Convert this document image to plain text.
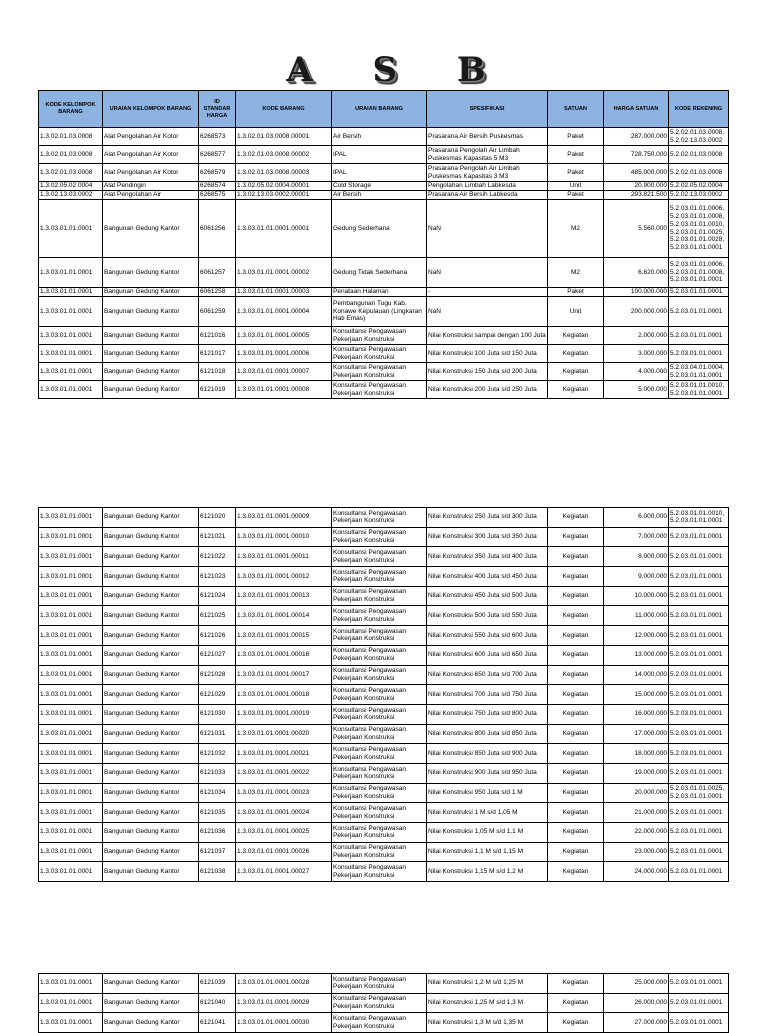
A S B
KODE KELOMPOK BARANG	URAIAN KELOMPOK BARANG	ID STANDAR HARGA	KODE BARANG	URAIAN BARANG	SPESIFIKASI	SATUAN	HARGA SATUAN	KODE REKENING
1.3.02.01.03.0008	Alat Pengolahan Air Kotor	6268573	1.3.02.01.03.0008.00001	Air Bersih	Prasarana Air Bersih Puskesmas	Paket	287.000.000	5.2.02.01.03.0008, 5.2.02.13.03.0002
1.3.02.01.03.0008	Alat Pengolahan Air Kotor	6268577	1.3.02.01.03.0008.00002	IPAL	Prasarana Pengolah Air Limbah Puskesmas Kapasitas 5 M3	Paket	728.750.000	5.2.02.01.03.0008
1.3.02.01.03.0008	Alat Pengolahan Air Kotor	6268579	1.3.02.01.03.0008.00003	IPAL	Prasarana Pengolah Air Limbah Puskesmas Kapasitas 3 M3	Paket	485.000.000	5.2.02.01.03.0008
1.3.02.05.02.0004	Alat Pendingin	6268574	1.3.02.05.02.0004.00001	Cold Storage	Pengolahan Limbah Labkesda	Unit	20.900.000	5.2.02.05.02.0004
1.3.02.13.03.0002	Alat Pengolahan Air	6268575	1.3.02.13.03.0002.00001	Air Bersih	Prasarana Air Bersih Labkesda	Paket	293.821.500	5.2.02.13.03.0002
1.3.03.01.01.0001	Bangunan Gedung Kantor	6061256	1.3.03.01.01.0001.00001	Gedung Sederhana	NaN	M2	5.560.000	5.2.03.01.01.0006, 5.2.03.01.01.0008, 5.2.03.01.01.0010, 5.2.03.01.01.0025, 5.2.03.01.01.0028, 5.2.03.01.01.0001
1.3.03.01.01.0001	Bangunan Gedung Kantor	6061257	1.3.03.01.01.0001.00002	Gedung Tidak Sederhana	NaN	M2	6.620.000	5.2.03.01.01.0006, 5.2.03.01.01.0008, 5.2.03.01.01.0001
1.3.03.01.01.0001	Bangunan Gedung Kantor	6061258	1.3.03.01.01.0001.00003	Penataan Halaman	-	Paket	100.000.000	5.2.03.01.01.0001
1.3.03.01.01.0001	Bangunan Gedung Kantor	6061259	1.3.03.01.01.0001.00004	Pembangunan Tugu Kab. Konawe Kepulauan (Lingkaran Hati Emas)	NaN	Unit	200.000.000	5.2.03.01.01.0001
1.3.03.01.01.0001	Bangunan Gedung Kantor	6121016	1.3.03.01.01.0001.00005	Konsultansi Pengawasan Pekerjaan Konstruksi	Nilai Konstruksi sampai dengan 100 Juta	Kegiatan	2.000.000	5.2.03.01.01.0001
1.3.03.01.01.0001	Bangunan Gedung Kantor	6121017	1.3.03.01.01.0001.00006	Konsultansi Pengawasan Pekerjaan Konstruksi	Nilai Konstruksi 100 Juta s/d 150 Juta	Kegiatan	3.000.000	5.2.03.01.01.0001
1.3.03.01.01.0001	Bangunan Gedung Kantor	6121018	1.3.03.01.01.0001.00007	Konsultansi Pengawasan Pekerjaan Konstruksi	Nilai Konstruksi 150 Juta s/d 200 Juta	Kegiatan	4.000.000	5.2.03.04.01.0004, 5.2.03.01.01.0001
1.3.03.01.01.0001	Bangunan Gedung Kantor	6121019	1.3.03.01.01.0001.00008	Konsultansi Pengawasan Pekerjaan Konstruksi	Nilai Konstruksi 200 Juta s/d 250 Juta	Kegiatan	5.000.000	5.2.03.01.01.0010, 5.2.03.01.01.0001
1.3.03.01.01.0001	Bangunan Gedung Kantor	6121020	1.3.03.01.01.0001.00009	Konsultansi Pengawasan Pekerjaan Konstruksi	Nilai Konstruksi 250 Juta s/d 300 Juta	Kegiatan	6.000.000	5.2.03.01.01.0010, 5.2.03.01.01.0001
1.3.03.01.01.0001	Bangunan Gedung Kantor	6121021	1.3.03.01.01.0001.00010	Konsultansi Pengawasan Pekerjaan Konstruksi	Nilai Konstruksi 300 Juta s/d 350 Juta	Kegiatan	7.000.000	5.2.03.01.01.0001
1.3.03.01.01.0001	Bangunan Gedung Kantor	6121022	1.3.03.01.01.0001.00011	Konsultansi Pengawasan Pekerjaan Konstruksi	Nilai Konstruksi 350 Juta s/d 400 Juta	Kegiatan	8.000.000	5.2.03.01.01.0001
1.3.03.01.01.0001	Bangunan Gedung Kantor	6121023	1.3.03.01.01.0001.00012	Konsultansi Pengawasan Pekerjaan Konstruksi	Nilai Konstruksi 400 Juta s/d 450 Juta	Kegiatan	9.000.000	5.2.03.01.01.0001
1.3.03.01.01.0001	Bangunan Gedung Kantor	6121024	1.3.03.01.01.0001.00013	Konsultansi Pengawasan Pekerjaan Konstruksi	Nilai Konstruksi 450 Juta s/d 500 Juta	Kegiatan	10.000.000	5.2.03.01.01.0001
1.3.03.01.01.0001	Bangunan Gedung Kantor	6121025	1.3.03.01.01.0001.00014	Konsultansi Pengawasan Pekerjaan Konstruksi	Nilai Konstruksi 500 Juta s/d 550 Juta	Kegiatan	11.000.000	5.2.03.01.01.0001
1.3.03.01.01.0001	Bangunan Gedung Kantor	6121026	1.3.03.01.01.0001.00015	Konsultansi Pengawasan Pekerjaan Konstruksi	Nilai Konstruksi 550 Juta s/d 600 Juta	Kegiatan	12.000.000	5.2.03.01.01.0001
1.3.03.01.01.0001	Bangunan Gedung Kantor	6121027	1.3.03.01.01.0001.00016	Konsultansi Pengawasan Pekerjaan Konstruksi	Nilai Konstruksi 600 Juta s/d 650 Juta	Kegiatan	13.000.000	5.2.03.01.01.0001
1.3.03.01.01.0001	Bangunan Gedung Kantor	6121028	1.3.03.01.01.0001.00017	Konsultansi Pengawasan Pekerjaan Konstruksi	Nilai Konstruksi 650 Juta s/d 700 Juta	Kegiatan	14.000.000	5.2.03.01.01.0001
1.3.03.01.01.0001	Bangunan Gedung Kantor	6121029	1.3.03.01.01.0001.00018	Konsultansi Pengawasan Pekerjaan Konstruksi	Nilai Konstruksi 700 Juta s/d 750 Juta	Kegiatan	15.000.000	5.2.03.01.01.0001
1.3.03.01.01.0001	Bangunan Gedung Kantor	6121030	1.3.03.01.01.0001.00019	Konsultansi Pengawasan Pekerjaan Konstruksi	Nilai Konstruksi 750 Juta s/d 800 Juta	Kegiatan	16.000.000	5.2.03.01.01.0001
1.3.03.01.01.0001	Bangunan Gedung Kantor	6121031	1.3.03.01.01.0001.00020	Konsultansi Pengawasan Pekerjaan Konstruksi	Nilai Konstruksi 800 Juta s/d 850 Juta	Kegiatan	17.000.000	5.2.03.01.01.0001
1.3.03.01.01.0001	Bangunan Gedung Kantor	6121032	1.3.03.01.01.0001.00021	Konsultansi Pengawasan Pekerjaan Konstruksi	Nilai Konstruksi 850 Juta s/d 900 Juta	Kegiatan	18.000.000	5.2.03.01.01.0001
1.3.03.01.01.0001	Bangunan Gedung Kantor	6121033	1.3.03.01.01.0001.00022	Konsultansi Pengawasan Pekerjaan Konstruksi	Nilai Konstruksi 900 Juta s/d 950 Juta	Kegiatan	19.000.000	5.2.03.01.01.0001
1.3.03.01.01.0001	Bangunan Gedung Kantor	6121034	1.3.03.01.01.0001.00023	Konsultansi Pengawasan Pekerjaan Konstruksi	Nilai Konstruksi 950 Juta s/d 1 M	Kegiatan	20.000.000	5.2.03.01.01.0025, 5.2.03.01.01.0001
1.3.03.01.01.0001	Bangunan Gedung Kantor	6121035	1.3.03.01.01.0001.00024	Konsultansi Pengawasan Pekerjaan Konstruksi	Nilai Konstruksi 1 M s/d 1,05 M	Kegiatan	21.000.000	5.2.03.01.01.0001
1.3.03.01.01.0001	Bangunan Gedung Kantor	6121036	1.3.03.01.01.0001.00025	Konsultansi Pengawasan Pekerjaan Konstruksi	Nilai Konstruksi 1,05 M s/d 1,1 M	Kegiatan	22.000.000	5.2.03.01.01.0001
1.3.03.01.01.0001	Bangunan Gedung Kantor	6121037	1.3.03.01.01.0001.00026	Konsultansi Pengawasan Pekerjaan Konstruksi	Nilai Konstruksi 1,1 M s/d 1,15 M	Kegiatan	23.000.000	5.2.03.01.01.0001
1.3.03.01.01.0001	Bangunan Gedung Kantor	6121038	1.3.03.01.01.0001.00027	Konsultansi Pengawasan Pekerjaan Konstruksi	Nilai Konstruksi 1,15 M s/d 1,2 M	Kegiatan	24.000.000	5.2.03.01.01.0001
1.3.03.01.01.0001	Bangunan Gedung Kantor	6121039	1.3.03.01.01.0001.00028	Konsultansi Pengawasan Pekerjaan Konstruksi	Nilai Konstruksi 1,2 M s/d 1,25 M	Kegiatan	25.000.000	5.2.03.01.01.0001
1.3.03.01.01.0001	Bangunan Gedung Kantor	6121040	1.3.03.01.01.0001.00029	Konsultansi Pengawasan Pekerjaan Konstruksi	Nilai Konstruksi 1,25 M s/d 1,3 M	Kegiatan	26.000.000	5.2.03.01.01.0001
1.3.03.01.01.0001	Bangunan Gedung Kantor	6121041	1.3.03.01.01.0001.00030	Konsultansi Pengawasan Pekerjaan Konstruksi	Nilai Konstruksi 1,3 M s/d 1,35 M	Kegiatan	27.000.000	5.2.03.01.01.0001
